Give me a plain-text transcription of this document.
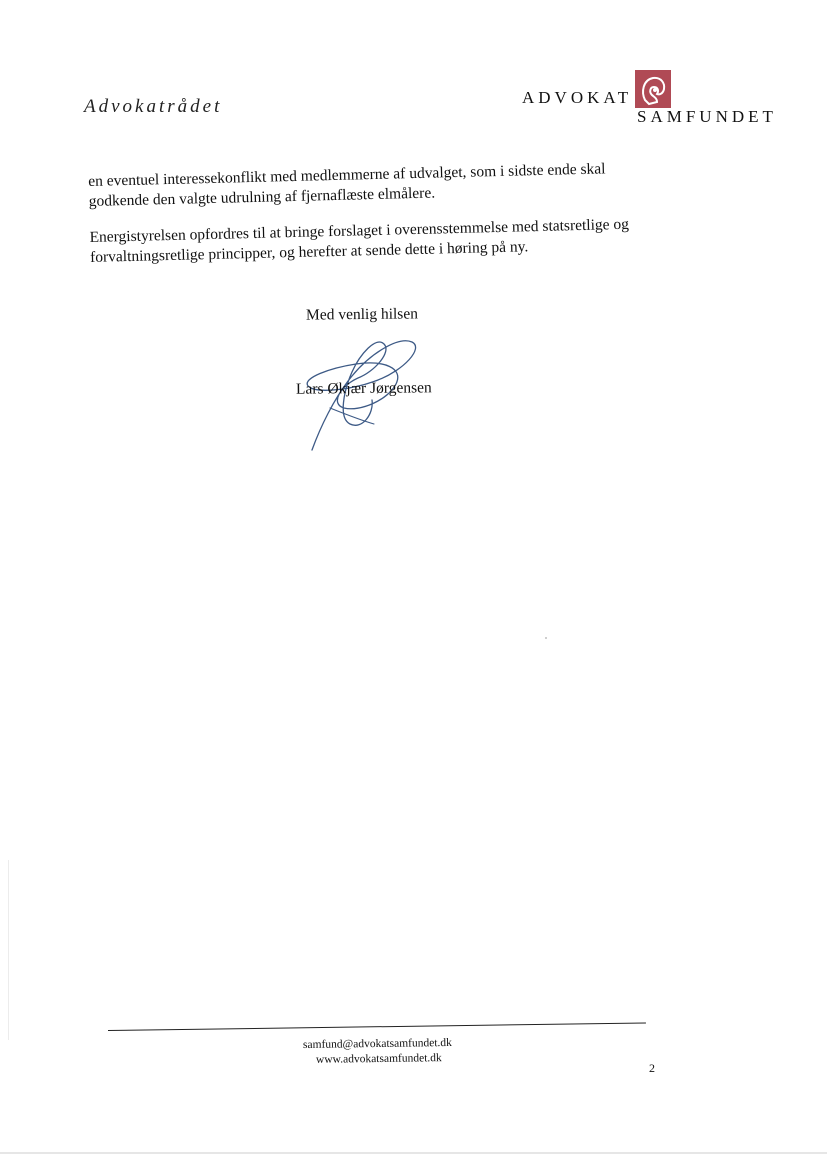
Advokatrådet	ADVOKAT
SAMFUNDET

en eventuel interessekonflikt med medlemmerne af udvalget, som i sidste ende skal godkende den valgte udrulning af fjernaflæste elmålere.

Energistyrelsen opfordres til at bringe forslaget i overensstemmelse med statsretlige og forvaltningsretlige principper, og herefter at sende dette i høring på ny.

Med venlig hilsen
Lars Økjær Jørgensen
samfund@advokatsamfundet.dk
www.advokatsamfundet.dk
2
